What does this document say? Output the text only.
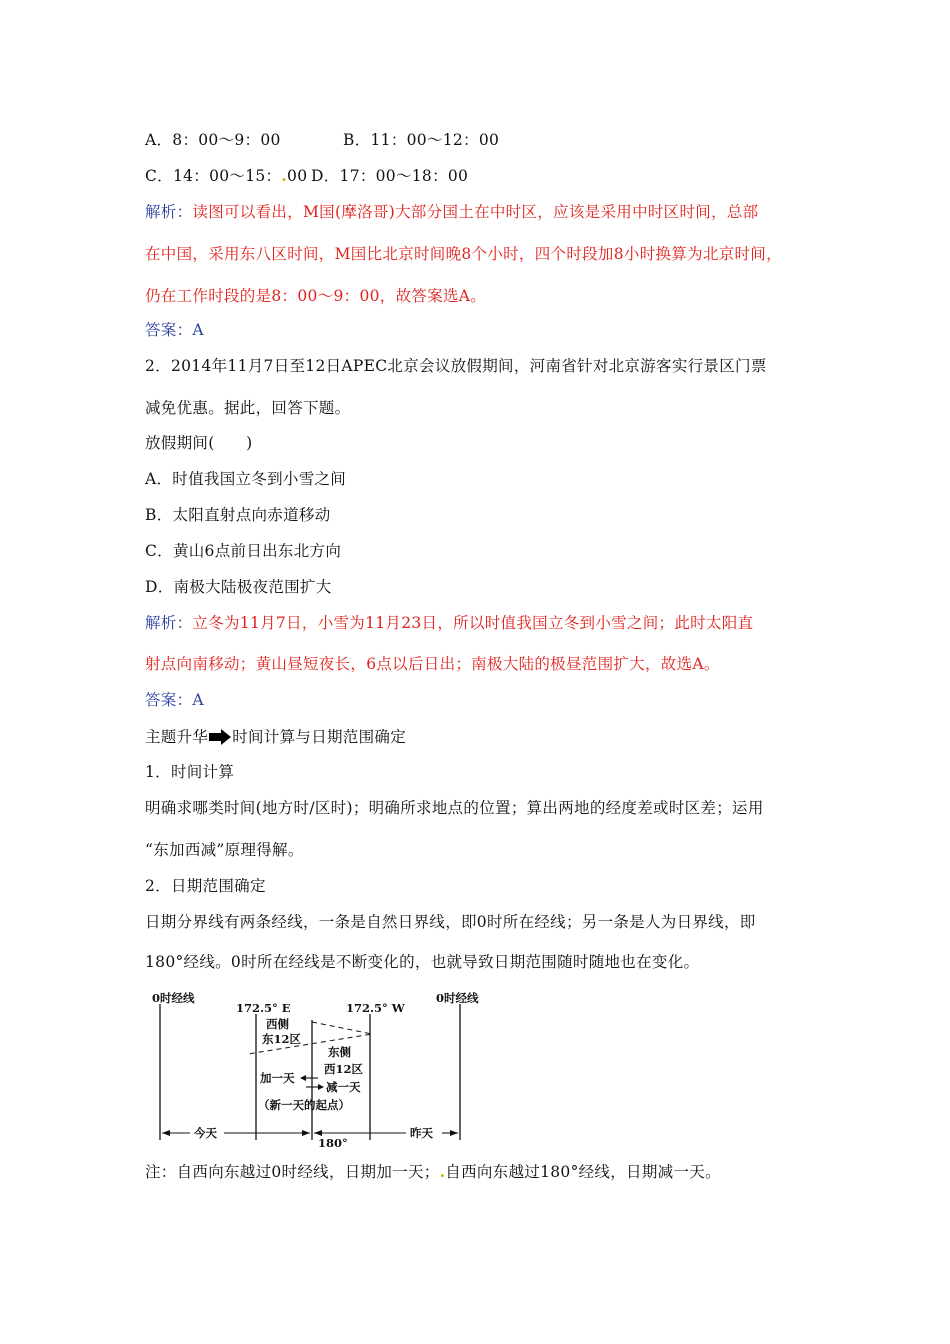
A．8：00～9：00	B．11：00～12：00
C．14：00～15：.00 D．17：00～18：00
解析：读图可以看出，M国(摩洛哥)大部分国土在中时区，应该是采用中时区时间，总部
在中国，采用东八区时间，M国比北京时间晚8个小时，四个时段加8小时换算为北京时间，
仍在工作时段的是8：00～9：00，故答案选A。
答案：A
2．2014年11月7日至12日APEC北京会议放假期间，河南省针对北京游客实行景区门票
减免优惠。据此，回答下题。
放假期间(　　)
A．时值我国立冬到小雪之间
B．太阳直射点向赤道移动
C．黄山6点前日出东北方向
D．南极大陆极夜范围扩大
解析：立冬为11月7日，小雪为11月23日，所以时值我国立冬到小雪之间；此时太阳直
射点向南移动；黄山昼短夜长，6点以后日出；南极大陆的极昼范围扩大，故选A。
答案：A
主题升华 时间计算与日期范围确定
1．时间计算
明确求哪类时间(地方时/区时)；明确所求地点的位置；算出两地的经度差或时区差；运用
“东加西减”原理得解。
2．日期范围确定
日期分界线有两条经线，一条是自然日界线，即0时所在经线；另一条是人为日界线，即
180°经线。0时所在经线是不断变化的，也就导致日期范围随时随地也在变化。
0时经线
172.5° E	172.5° W
0时经线
西侧
东12区
东侧
西12区
加一天
减一天
（新一天的起点）
今天	昨天
180°
注：自西向东越过0时经线，日期加一天；.自西向东越过180°经线，日期减一天。
